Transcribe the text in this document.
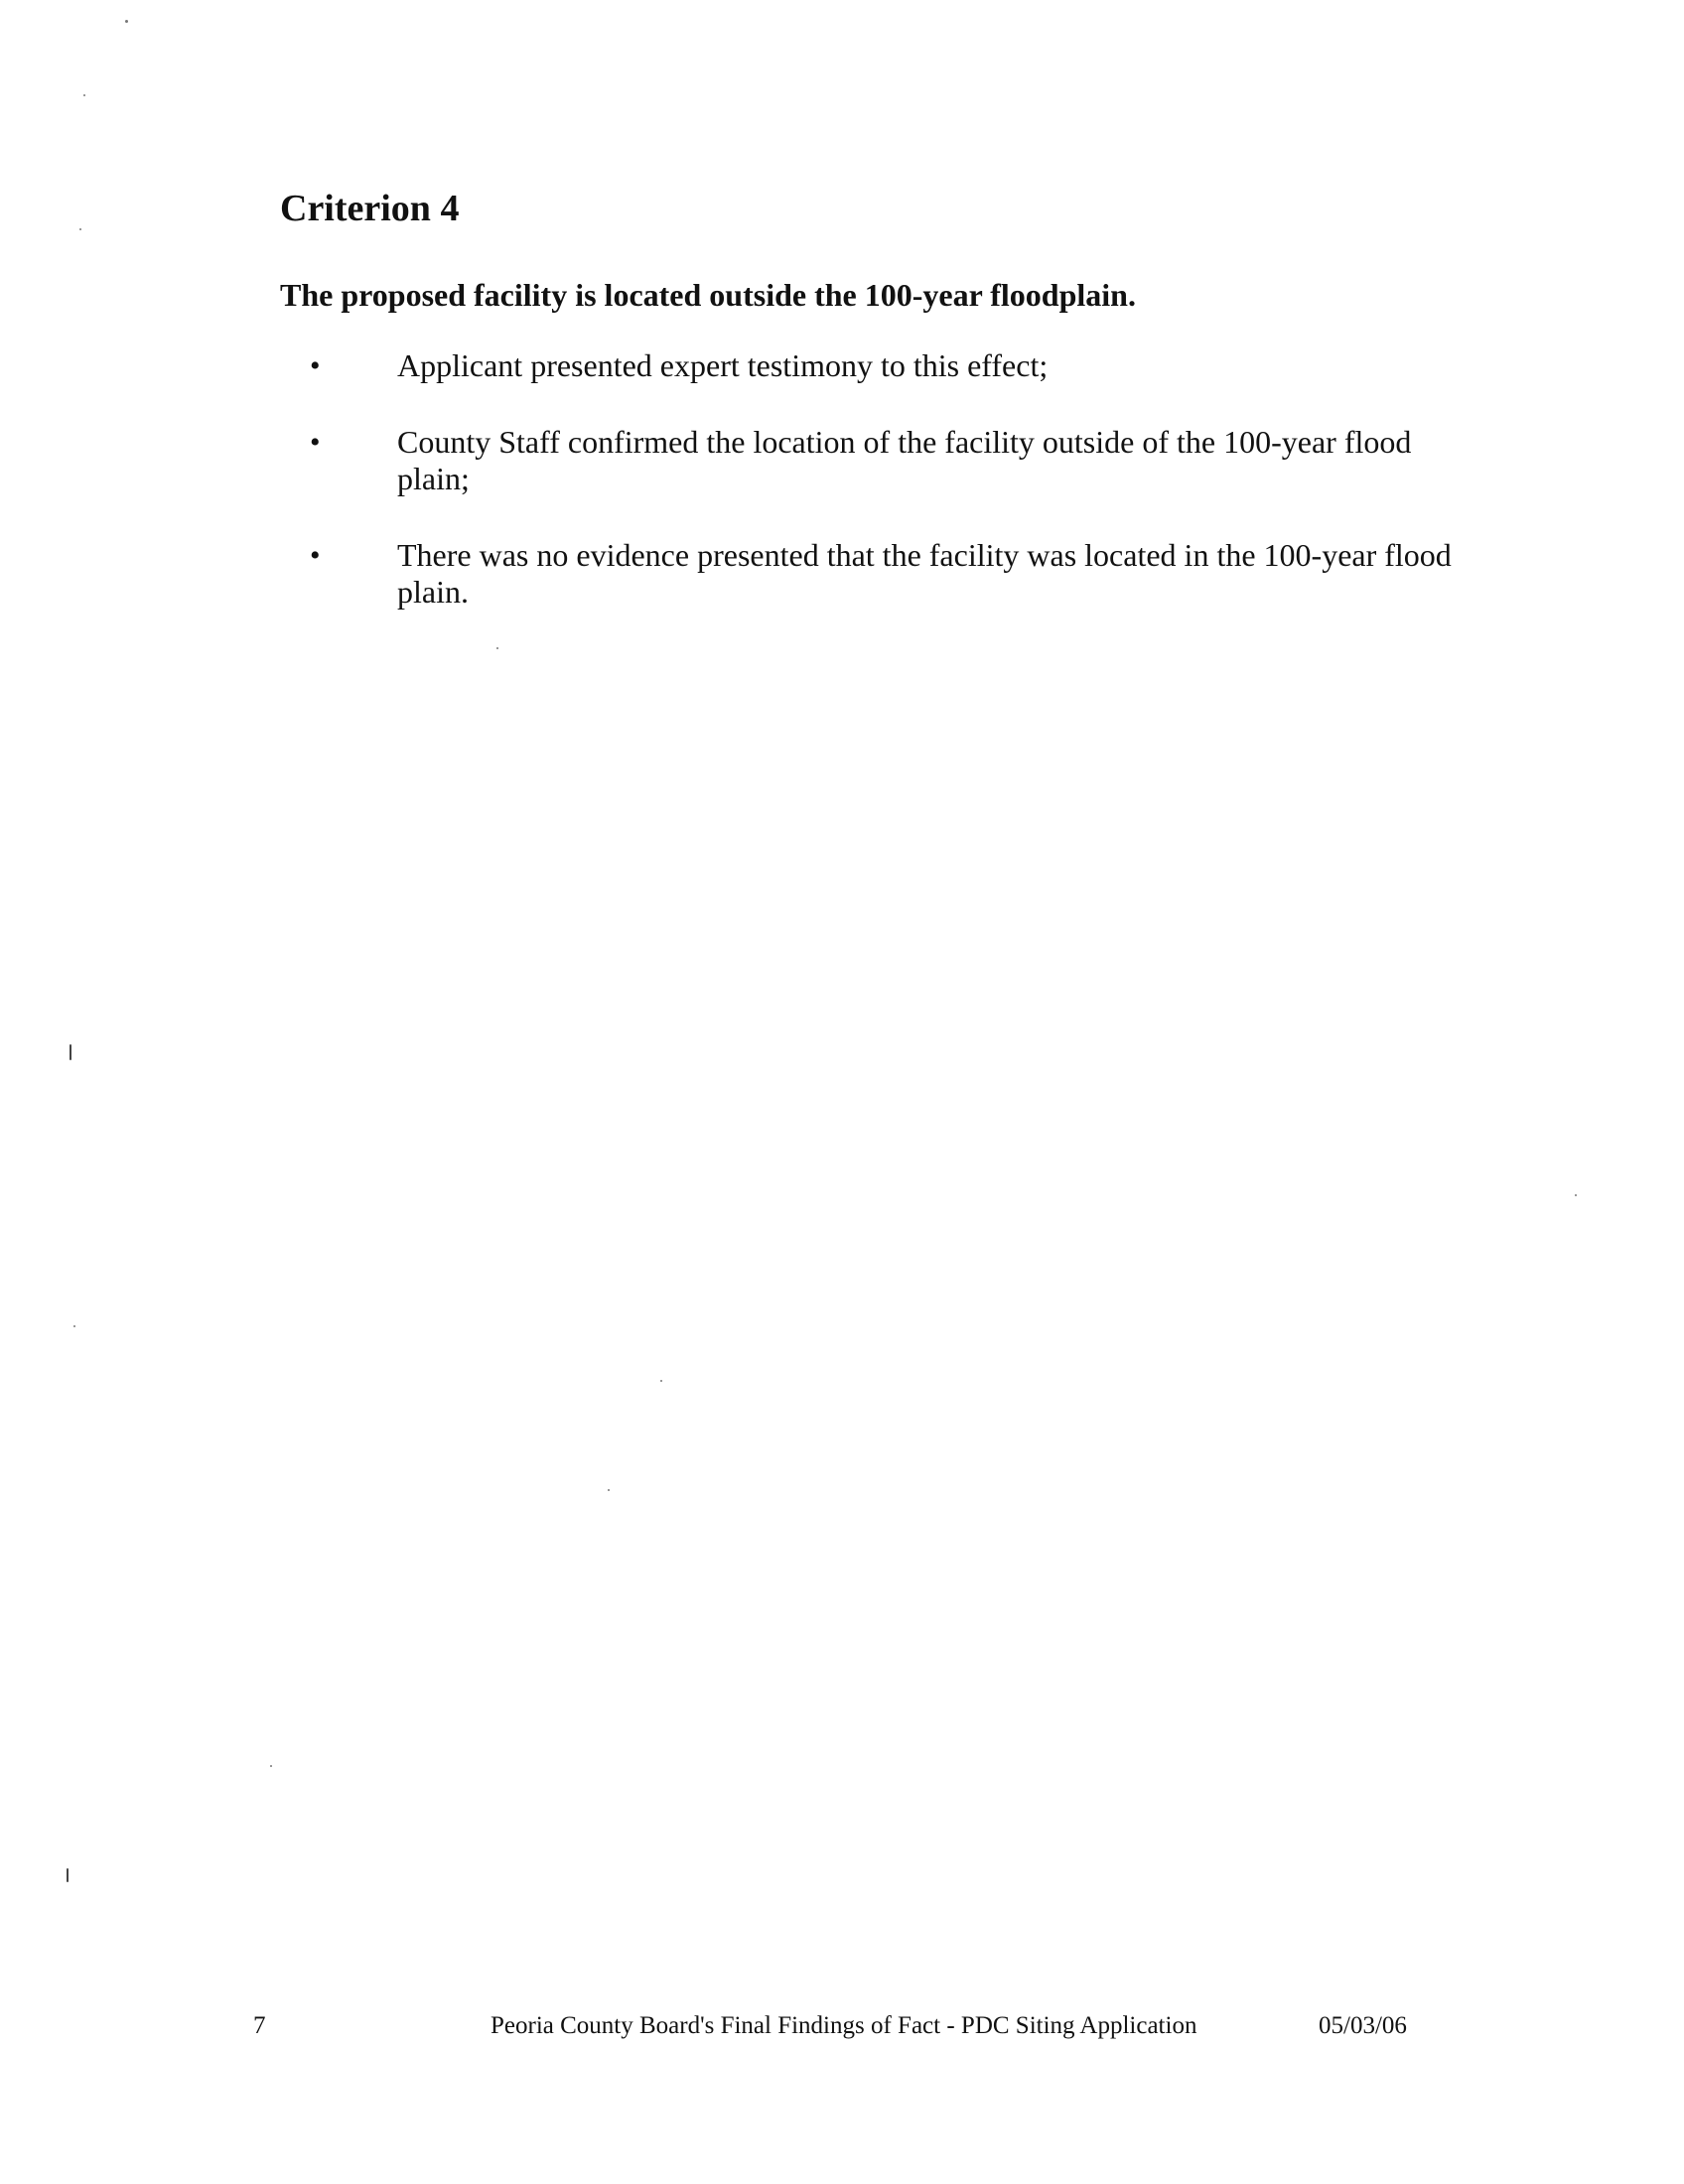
Criterion 4
The proposed facility is located outside the 100-year floodplain.
• Applicant presented expert testimony to this effect;
• County Staff confirmed the location of the facility outside of the 100-year flood plain;
• There was no evidence presented that the facility was located in the 100-year flood plain.
7	Peoria County Board's Final Findings of Fact - PDC Siting Application	05/03/06
